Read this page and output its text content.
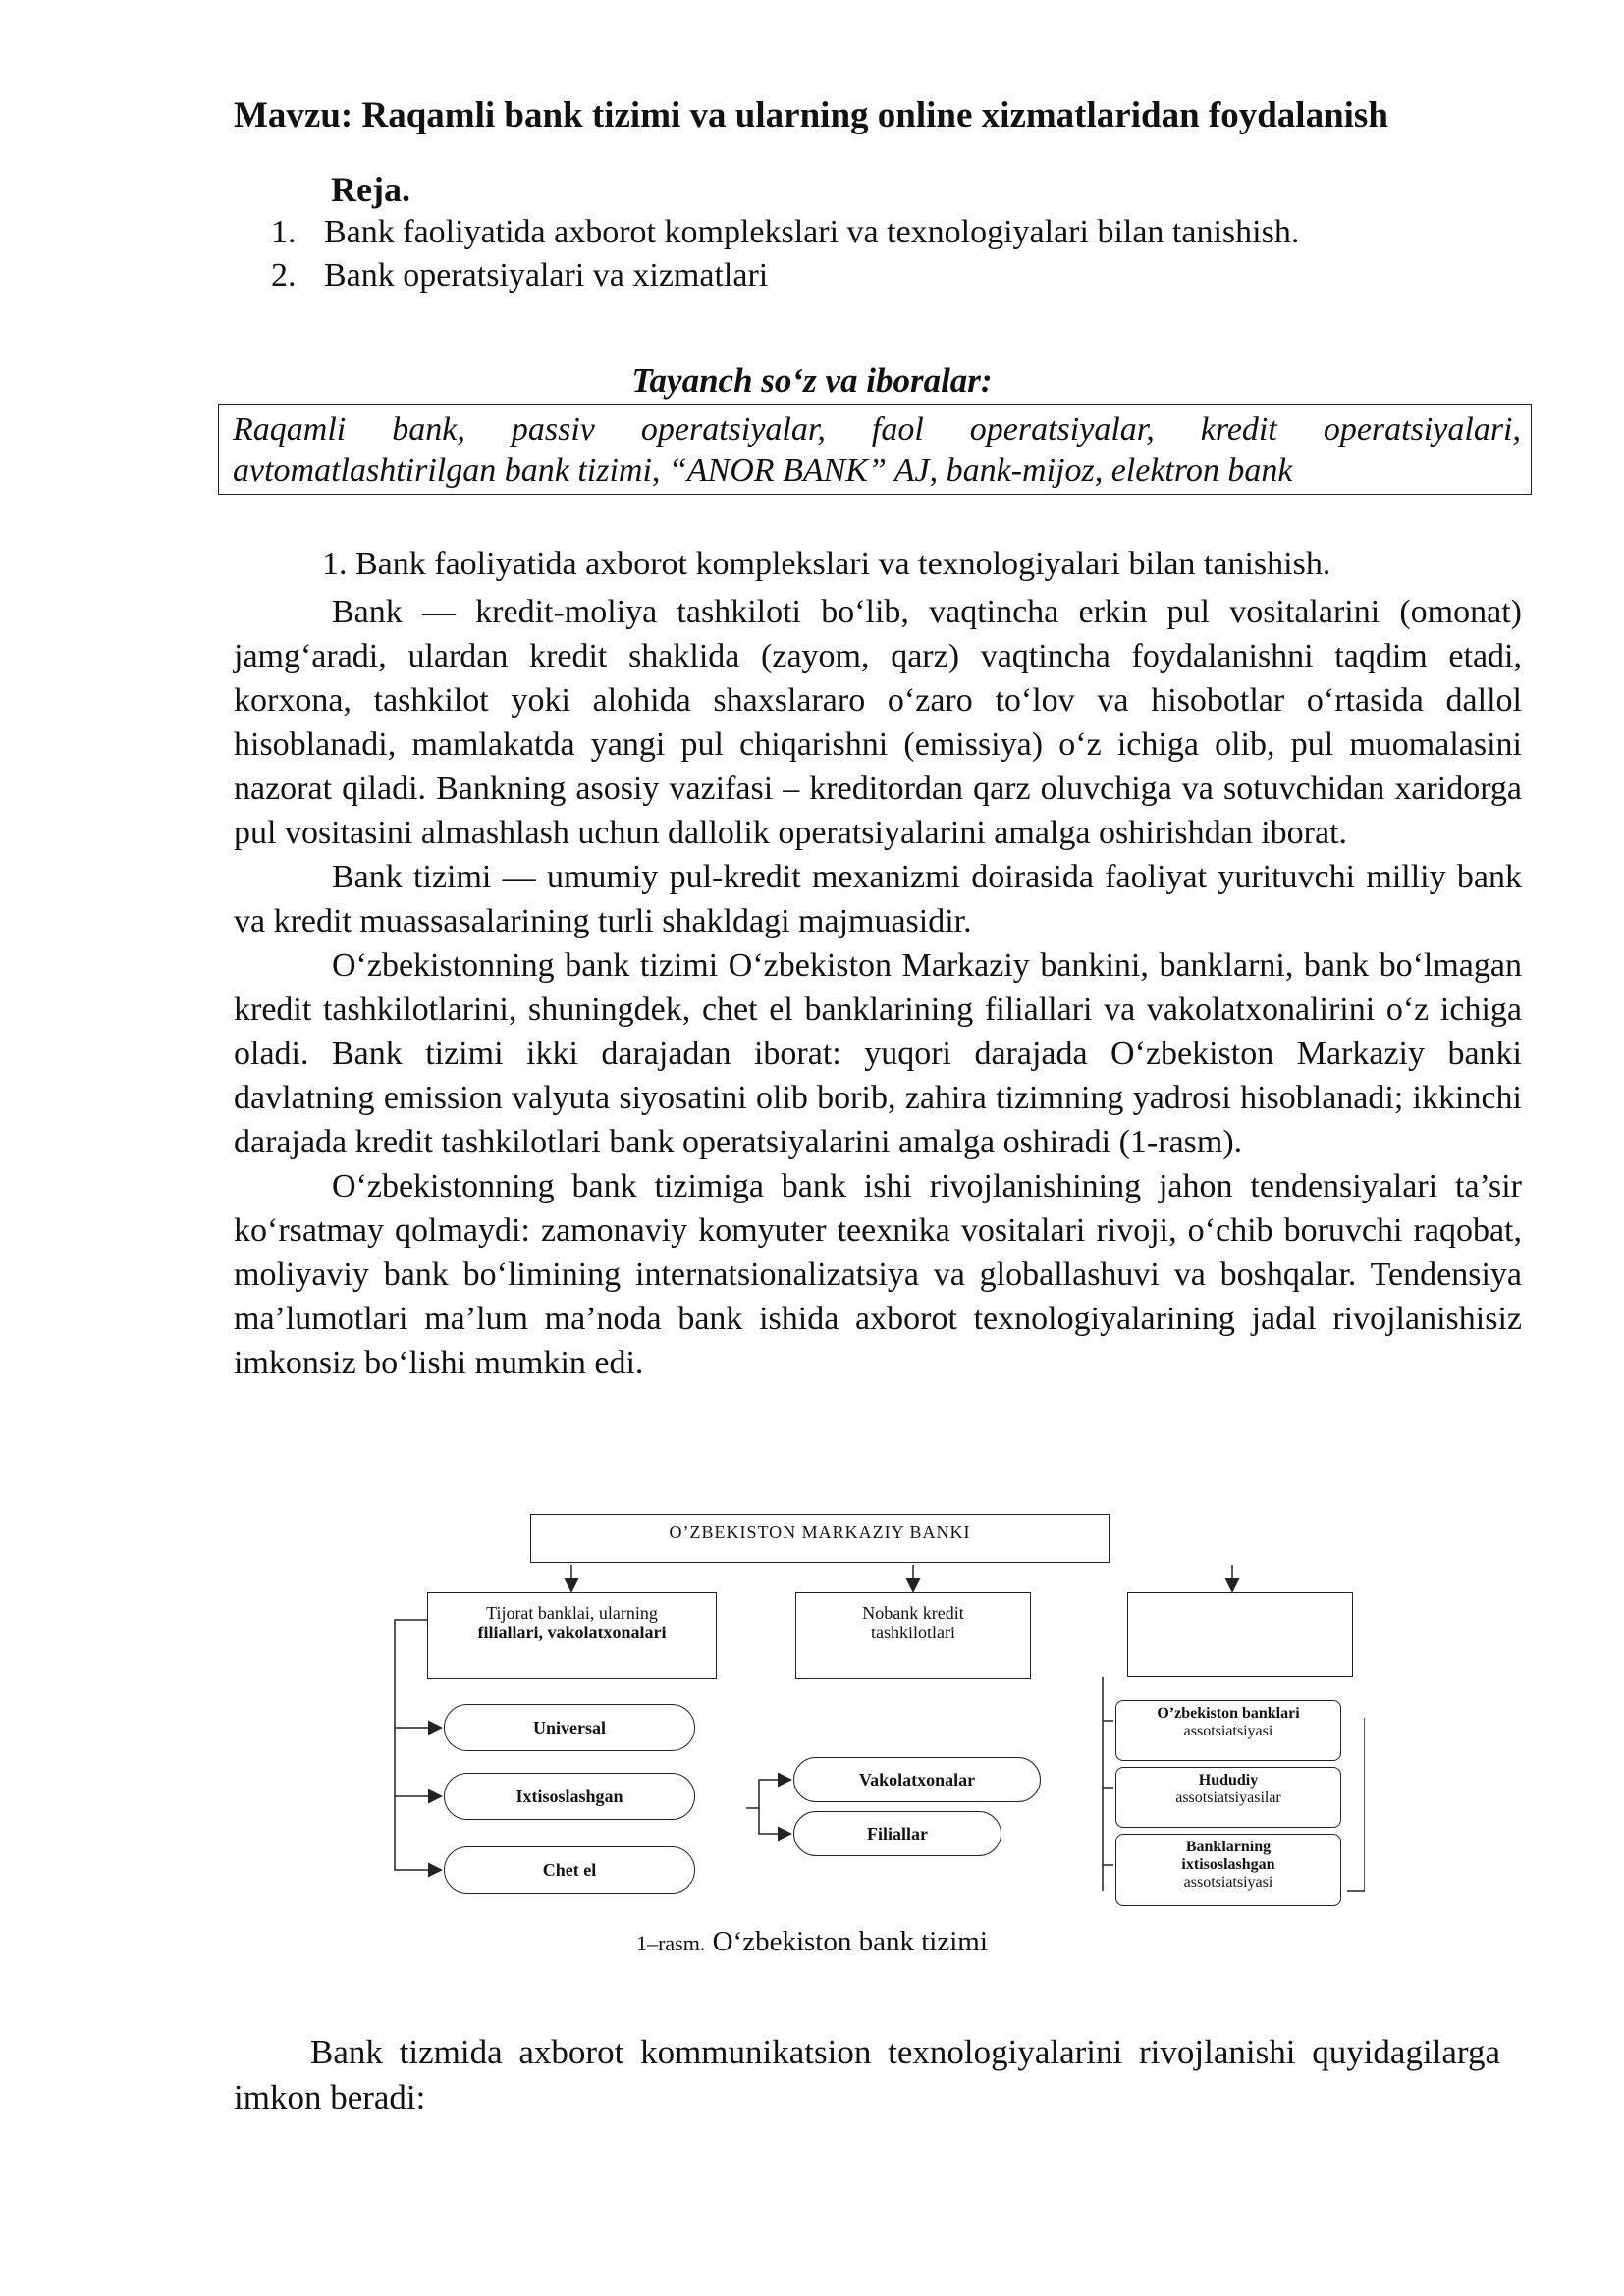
Mavzu: Raqamli bank tizimi va ularning online xizmatlaridan foydalanish
Reja.
1. Bank faoliyatida axborot komplekslari va texnologiyalari bilan tanishish.
2. Bank operatsiyalari va xizmatlari
Tayanch so‘z va iboralar:
Raqamli bank, passiv operatsiyalar, faol operatsiyalar, kredit operatsiyalari,
avtomatlashtirilgan bank tizimi, “ANOR BANK” AJ, bank-mijoz, elektron bank
1. Bank faoliyatida axborot komplekslari va texnologiyalari bilan tanishish.

Bank — kredit-moliya tashkiloti bo‘lib, vaqtincha erkin pul vositalarini (omonat) jamg‘aradi, ulardan kredit shaklida (zayom, qarz) vaqtincha foydalanishni taqdim etadi, korxona, tashkilot yoki alohida shaxslararo o‘zaro to‘lov va hisobotlar o‘rtasida dallol hisoblanadi, mamlakatda yangi pul chiqarishni (emissiya) o‘z ichiga olib, pul muomalasini nazorat qiladi. Bankning asosiy vazifasi – kreditordan qarz oluvchiga va sotuvchidan xaridorga pul vositasini almashlash uchun dallolik operatsiyalarini amalga oshirishdan iborat.

Bank tizimi — umumiy pul-kredit mexanizmi doirasida faoliyat yurituvchi milliy bank va kredit muassasalarining turli shakldagi majmuasidir.

O‘zbekistonning bank tizimi O‘zbekiston Markaziy bankini, banklarni, bank bo‘lmagan kredit tashkilotlarini, shuningdek, chet el banklarining filiallari va vakolatxonalirini o‘z ichiga oladi. Bank tizimi ikki darajadan iborat: yuqori darajada O‘zbekiston Markaziy banki davlatning emission valyuta siyosatini olib borib, zahira tizimning yadrosi hisoblanadi; ikkinchi darajada kredit tashkilotlari bank operatsiyalarini amalga oshiradi (1-rasm).

O‘zbekistonning bank tizimiga bank ishi rivojlanishining jahon tendensiyalari ta’sir ko‘rsatmay qolmaydi: zamonaviy komyuter teexnika vositalari rivoji, o‘chib boruvchi raqobat, moliyaviy bank bo‘limining internatsionalizatsiya va globallashuvi va boshqalar. Tendensiya ma’lumotlari ma’lum ma’noda bank ishida axborot texnologiyalarining jadal rivojlanishisiz imkonsiz bo‘lishi mumkin edi.

O’ZBEKISTON MARKAZIY BANKI
Tijorat banklai, ularning
filiallari, vakolatxonalari
Nobank kredit
tashkilotlari
Universal
Ixtisoslashgan
Chet el
Vakolatxonalar
Filiallar
O’zbekiston banklari
assotsiatsiyasi
Hududiy
assotsiatsiyasilar
Banklarning
ixtisoslashgan
assotsiatsiyasi
1–rasm. O‘zbekiston bank tizimi

Bank tizmida axborot kommunikatsion texnologiyalarini rivojlanishi quyidagilarga imkon beradi:
